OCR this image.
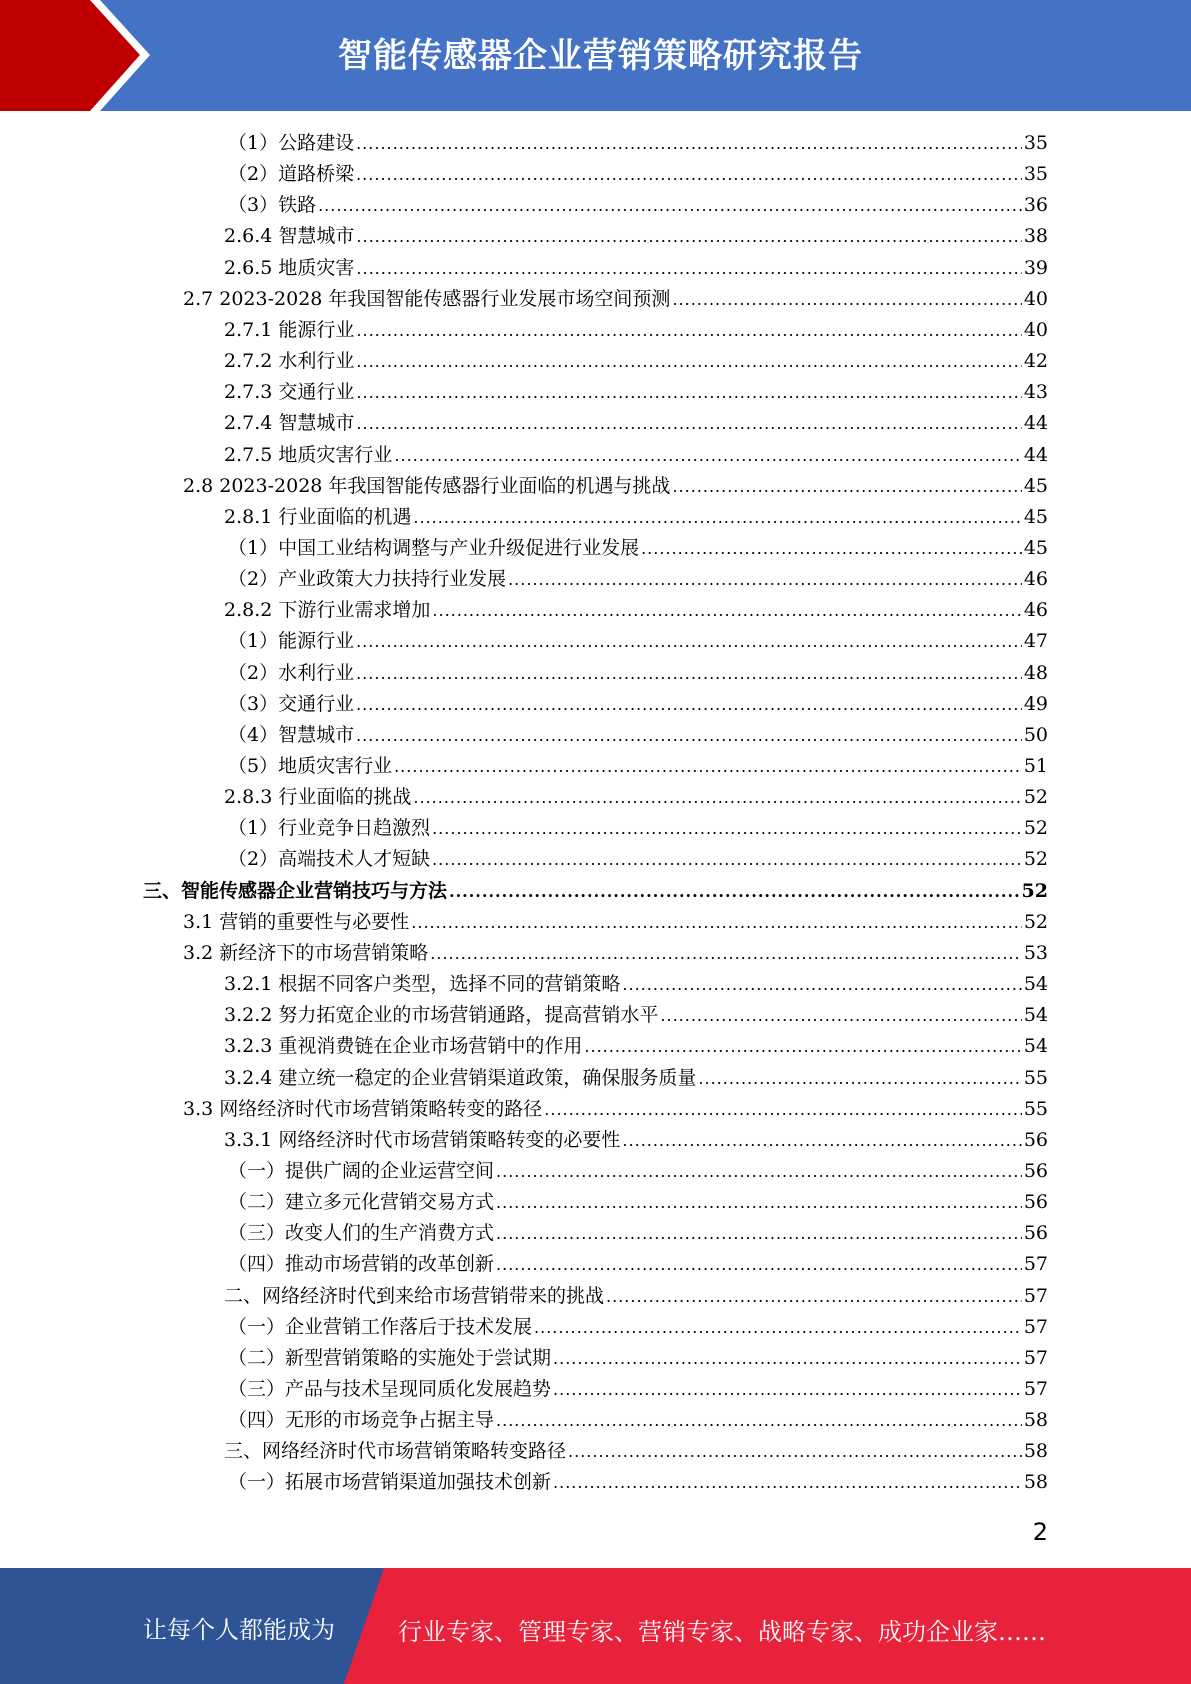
智能传感器企业营销策略研究报告
（1）公路建设 .....	35
（2）道路桥梁 .....	35
（3）铁路 .....	36
2.6.4 智慧城市 .....	38
2.6.5 地质灾害 .....	39
2.7 2023-2028 年我国智能传感器行业发展市场空间预测 .....	40
2.7.1 能源行业 .....	40
2.7.2 水利行业 .....	42
2.7.3 交通行业 .....	43
2.7.4 智慧城市 .....	44
2.7.5 地质灾害行业 .....	44
2.8 2023-2028 年我国智能传感器行业面临的机遇与挑战 .....	45
2.8.1 行业面临的机遇 .....	45
（1）中国工业结构调整与产业升级促进行业发展 .....	45
（2）产业政策大力扶持行业发展 .....	46
2.8.2 下游行业需求增加 .....	46
（1）能源行业 .....	47
（2）水利行业 .....	48
（3）交通行业 .....	49
（4）智慧城市 .....	50
（5）地质灾害行业 .....	51
2.8.3 行业面临的挑战 .....	52
（1）行业竞争日趋激烈 .....	52
（2）高端技术人才短缺 .....	52
三、智能传感器企业营销技巧与方法 .....	52
3.1 营销的重要性与必要性 .....	52
3.2 新经济下的市场营销策略 .....	53
3.2.1 根据不同客户类型，选择不同的营销策略 .....	54
3.2.2 努力拓宽企业的市场营销通路，提高营销水平 .....	54
3.2.3 重视消费链在企业市场营销中的作用 .....	54
3.2.4 建立统一稳定的企业营销渠道政策，确保服务质量 .....	55
3.3 网络经济时代市场营销策略转变的路径 .....	55
3.3.1 网络经济时代市场营销策略转变的必要性 .....	56
（一）提供广阔的企业运营空间 .....	56
（二）建立多元化营销交易方式 .....	56
（三）改变人们的生产消费方式 .....	56
（四）推动市场营销的改革创新 .....	57
二、网络经济时代到来给市场营销带来的挑战 .....	57
（一）企业营销工作落后于技术发展 .....	57
（二）新型营销策略的实施处于尝试期 .....	57
（三）产品与技术呈现同质化发展趋势 .....	57
（四）无形的市场竞争占据主导 .....	58
三、网络经济时代市场营销策略转变路径 .....	58
（一）拓展市场营销渠道加强技术创新 .....	58
2
让每个人都能成为	行业专家、管理专家、营销专家、战略专家、成功企业家……
